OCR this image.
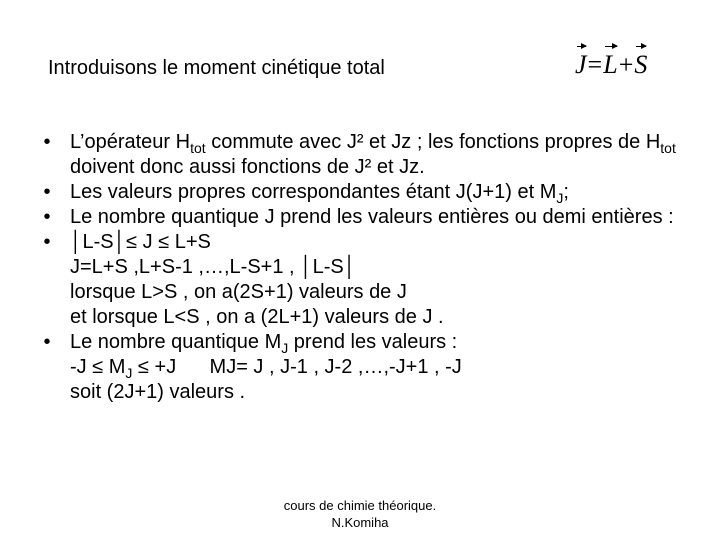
Introduisons le moment cinétique total	J=
L+
S
• L’opérateur $H_{tot}$ commute avec J² et Jz ; les fonctions propres de $H_{tot}$ doivent donc aussi fonctions de J² et Jz.
• Les valeurs propres correspondantes étant J(J+1) et $M_J$;
• Le nombre quantique J prend les valeurs entières ou demi entières :
• │L-S│≤ J ≤ L+S
J=L+S ,L+S-1 ,…,L-S+1 , │L-S│
lorsque L>S , on a(2S+1) valeurs de J
et lorsque L<S , on a (2L+1) valeurs de J .
• Le nombre quantique $M_J$ prend les valeurs :
$-J \le M_J \le +J$      MJ= J , J-1 , J-2 ,…,-J+1 , -J
soit (2J+1) valeurs .
cours de chimie théorique.
N.Komiha
